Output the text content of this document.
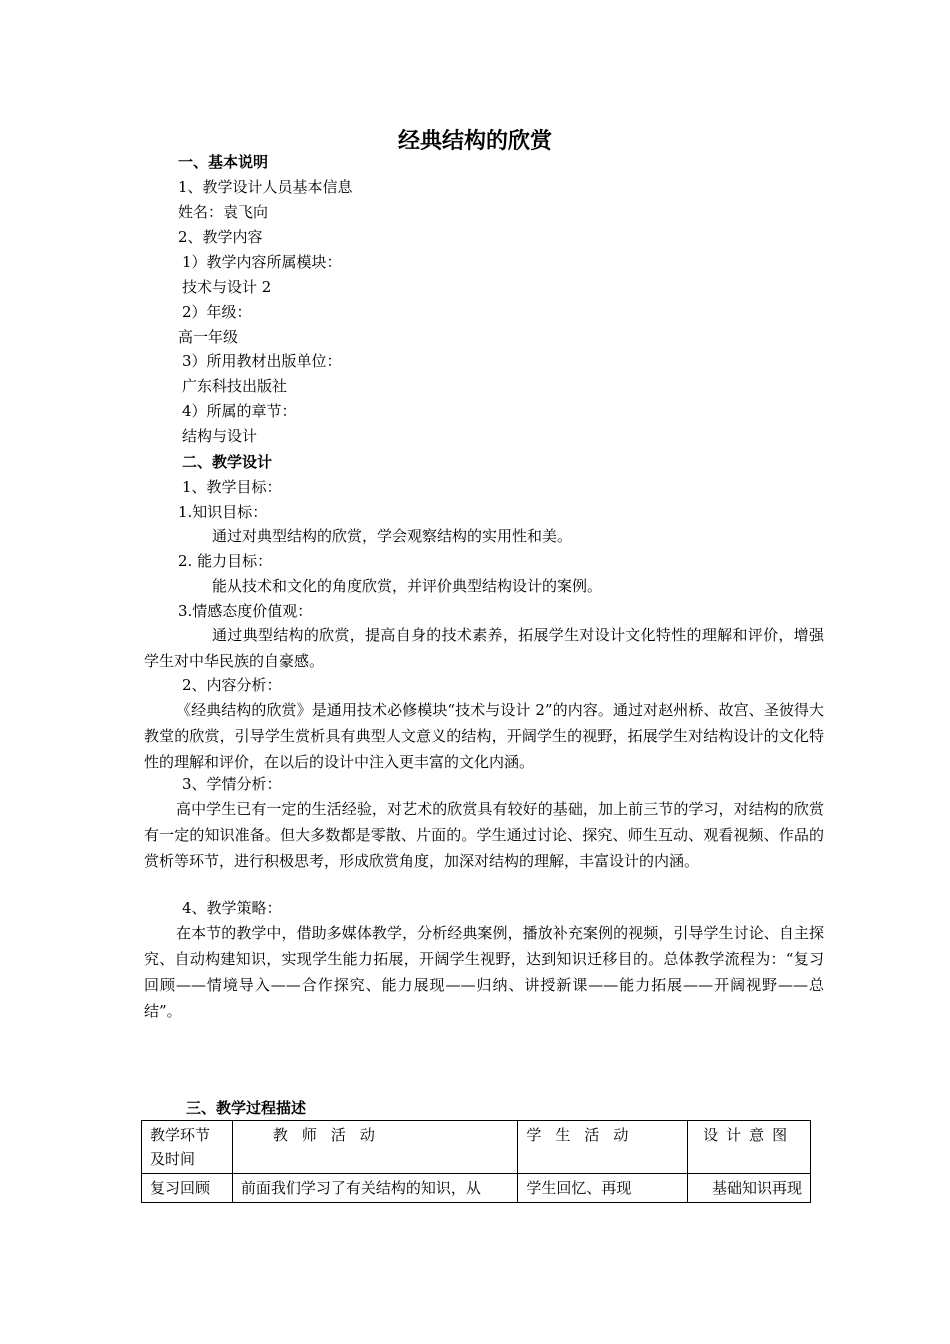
经典结构的欣赏
一、基本说明
1、教学设计人员基本信息
姓名：袁飞向
2、教学内容
1）教学内容所属模块：
技术与设计 2
2）年级：
高一年级
3）所用教材出版单位：
广东科技出版社
4）所属的章节：
结构与设计
二、教学设计
1、教学目标：
1.知识目标：
通过对典型结构的欣赏，学会观察结构的实用性和美。
2. 能力目标：
能从技术和文化的角度欣赏，并评价典型结构设计的案例。
3.情感态度价值观：
通过典型结构的欣赏，提高自身的技术素养，拓展学生对设计文化特性的理解和评价，增强学生对中华民族的自豪感。
2、内容分析：
《经典结构的欣赏》是通用技术必修模块“技术与设计 2”的内容。通过对赵州桥、故宫、圣彼得大教堂的欣赏，引导学生赏析具有典型人文意义的结构，开阔学生的视野，拓展学生对结构设计的文化特性的理解和评价，在以后的设计中注入更丰富的文化内涵。
3、学情分析：
高中学生已有一定的生活经验，对艺术的欣赏具有较好的基础，加上前三节的学习，对结构的欣赏有一定的知识准备。但大多数都是零散、片面的。学生通过讨论、探究、师生互动、观看视频、作品的赏析等环节，进行积极思考，形成欣赏角度，加深对结构的理解，丰富设计的内涵。
4、教学策略：
在本节的教学中，借助多媒体教学，分析经典案例，播放补充案例的视频，引导学生讨论、自主探究、自动构建知识，实现学生能力拓展，开阔学生视野，达到知识迁移目的。总体教学流程为：“复习回顾——情境导入——合作探究、能力展现——归纳、讲授新课——能力拓展——开阔视野——总结”。
三、教学过程描述
教学环节及时间	教师活动	学生活动	设计意图
复习回顾	前面我们学习了有关结构的知识，从	学生回忆、再现	基础知识再现
